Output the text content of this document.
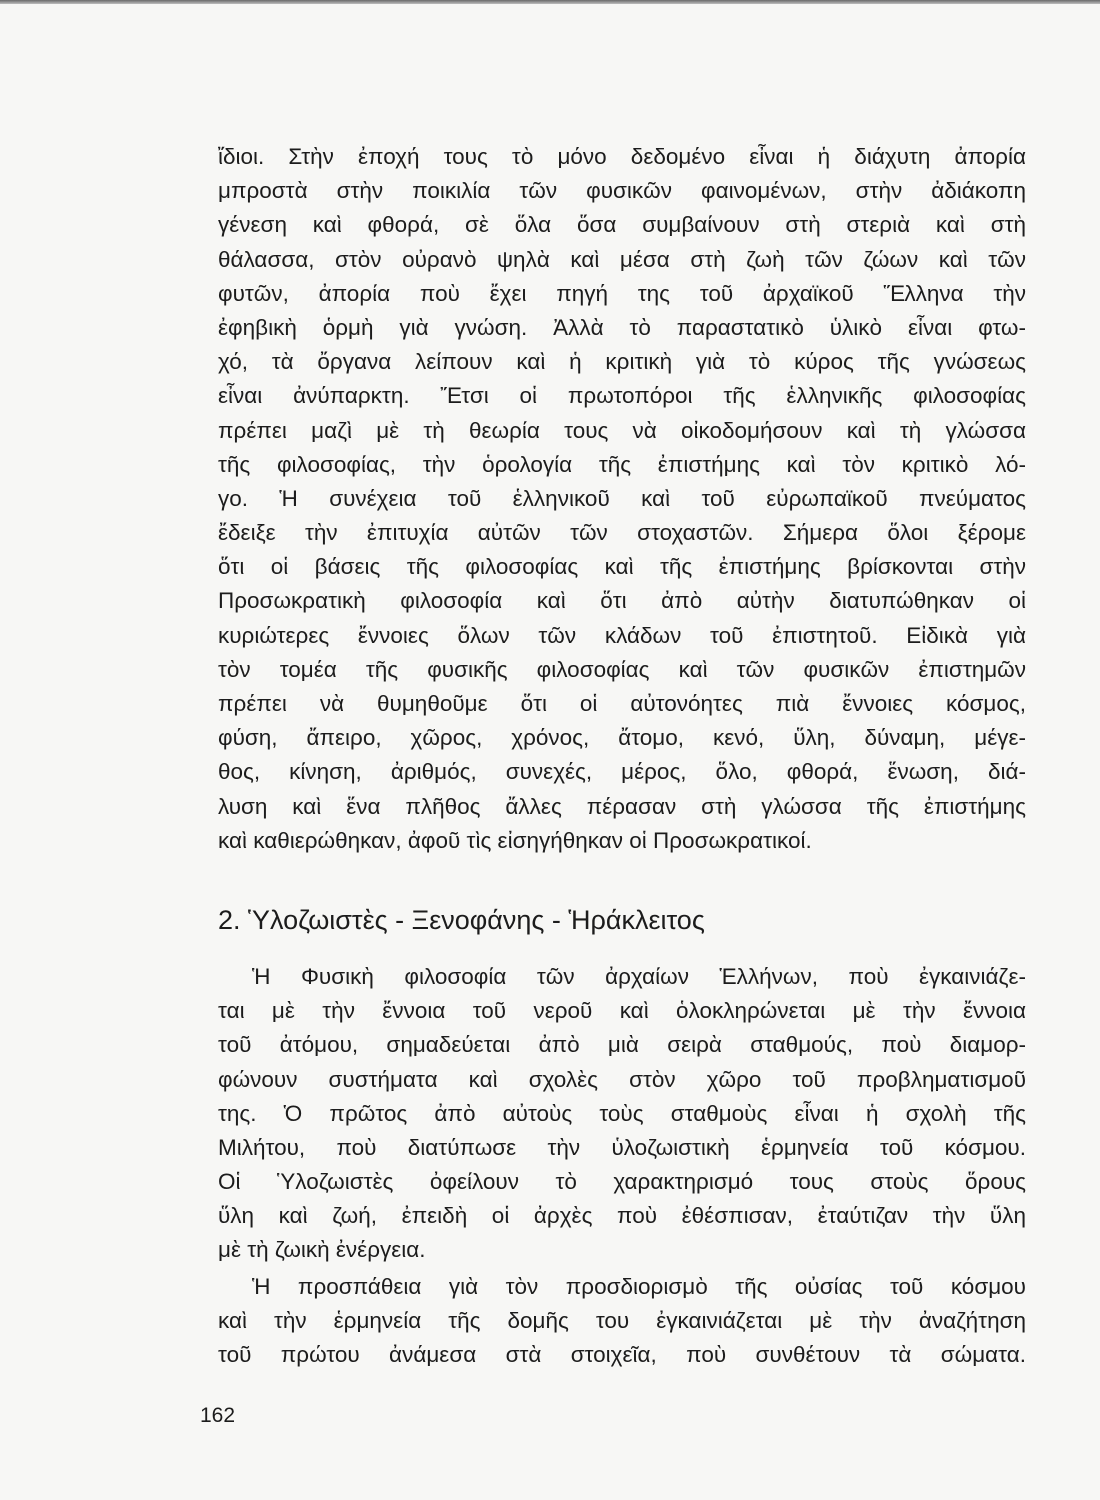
ἴδιοι. Στὴν ἐποχή τους τὸ μόνο δεδομένο εἶναι ἡ διάχυτη ἀπορία
μπροστὰ στὴν ποικιλία τῶν φυσικῶν φαινομένων, στὴν ἀδιάκοπη
γένεση καὶ φθορά, σὲ ὅλα ὅσα συμβαίνουν στὴ στεριὰ καὶ στὴ
θάλασσα, στὸν οὐρανὸ ψηλὰ καὶ μέσα στὴ ζωὴ τῶν ζώων καὶ τῶν
φυτῶν, ἀπορία ποὺ ἔχει πηγή της τοῦ ἀρχαϊκοῦ Ἕλληνα τὴν
ἐφηβικὴ ὁρμὴ γιὰ γνώση. Ἀλλὰ τὸ παραστατικὸ ὑλικὸ εἶναι φτω-
χό, τὰ ὄργανα λείπουν καὶ ἡ κριτικὴ γιὰ τὸ κύρος τῆς γνώσεως
εἶναι ἀνύπαρκτη. Ἔτσι οἱ πρωτοπόροι τῆς ἑλληνικῆς φιλοσοφίας
πρέπει μαζὶ μὲ τὴ θεωρία τους νὰ οἰκοδομήσουν καὶ τὴ γλώσσα
τῆς φιλοσοφίας, τὴν ὁρολογία τῆς ἐπιστήμης καὶ τὸν κριτικὸ λό-
γο. Ἡ συνέχεια τοῦ ἑλληνικοῦ καὶ τοῦ εὐρωπαϊκοῦ πνεύματος
ἔδειξε τὴν ἐπιτυχία αὐτῶν τῶν στοχαστῶν. Σήμερα ὅλοι ξέρομε
ὅτι οἱ βάσεις τῆς φιλοσοφίας καὶ τῆς ἐπιστήμης βρίσκονται στὴν
Προσωκρατικὴ φιλοσοφία καὶ ὅτι ἀπὸ αὐτὴν διατυπώθηκαν οἱ
κυριώτερες ἔννοιες ὅλων τῶν κλάδων τοῦ ἐπιστητοῦ. Εἰδικὰ γιὰ
τὸν τομέα τῆς φυσικῆς φιλοσοφίας καὶ τῶν φυσικῶν ἐπιστημῶν
πρέπει νὰ θυμηθοῦμε ὅτι οἱ αὐτονόητες πιὰ ἔννοιες κόσμος,
φύση, ἄπειρο, χῶρος, χρόνος, ἄτομο, κενό, ὕλη, δύναμη, μέγε-
θος, κίνηση, ἀριθμός, συνεχές, μέρος, ὅλο, φθορά, ἕνωση, διά-
λυση καὶ ἕνα πλῆθος ἄλλες πέρασαν στὴ γλώσσα τῆς ἐπιστήμης
καὶ καθιερώθηκαν, ἀφοῦ τὶς εἰσηγήθηκαν οἱ Προσωκρατικοί.
2. Ὑλοζωιστὲς - Ξενοφάνης - Ἡράκλειτος
Ἡ Φυσικὴ φιλοσοφία τῶν ἀρχαίων Ἑλλήνων, ποὺ ἐγκαινιάζε-
ται μὲ τὴν ἔννοια τοῦ νεροῦ καὶ ὁλοκληρώνεται μὲ τὴν ἔννοια
τοῦ ἀτόμου, σημαδεύεται ἀπὸ μιὰ σειρὰ σταθμούς, ποὺ διαμορ-
φώνουν συστήματα καὶ σχολὲς στὸν χῶρο τοῦ προβληματισμοῦ
της. Ὁ πρῶτος ἀπὸ αὐτοὺς τοὺς σταθμοὺς εἶναι ἡ σχολὴ τῆς
Μιλήτου, ποὺ διατύπωσε τὴν ὑλοζωιστικὴ ἑρμηνεία τοῦ κόσμου.
Οἱ Ὑλοζωιστὲς ὀφείλουν τὸ χαρακτηρισμό τους στοὺς ὅρους
ὕλη καὶ ζωή, ἐπειδὴ οἱ ἀρχὲς ποὺ ἐθέσπισαν, ἐταύτιζαν τὴν ὕλη
μὲ τὴ ζωικὴ ἐνέργεια.
Ἡ προσπάθεια γιὰ τὸν προσδιορισμὸ τῆς οὐσίας τοῦ κόσμου
καὶ τὴν ἑρμηνεία τῆς δομῆς του ἐγκαινιάζεται μὲ τὴν ἀναζήτηση
τοῦ πρώτου ἀνάμεσα στὰ στοιχεῖα, ποὺ συνθέτουν τὰ σώματα.
162
